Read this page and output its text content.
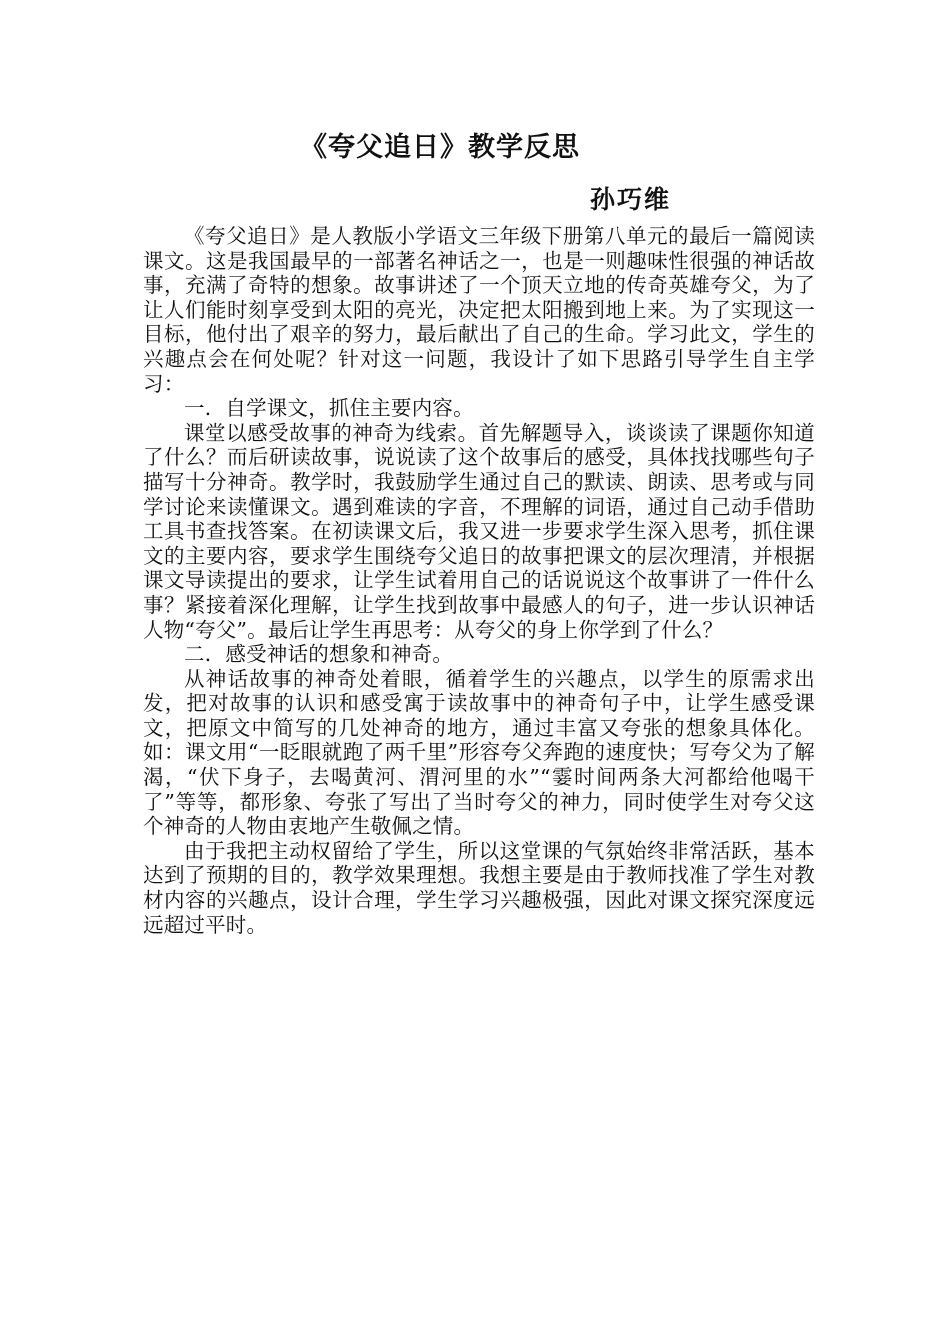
《夸父追日》教学反思
孙巧维

《夸父追日》是人教版小学语文三年级下册第八单元的最后一篇阅读课文。这是我国最早的一部著名神话之一，也是一则趣味性很强的神话故事，充满了奇特的想象。故事讲述了一个顶天立地的传奇英雄夸父，为了让人们能时刻享受到太阳的亮光，决定把太阳搬到地上来。为了实现这一目标，他付出了艰辛的努力，最后献出了自己的生命。学习此文，学生的兴趣点会在何处呢？针对这一问题，我设计了如下思路引导学生自主学习：

一．自学课文，抓住主要内容。

课堂以感受故事的神奇为线索。首先解题导入，谈谈读了课题你知道了什么？而后研读故事，说说读了这个故事后的感受，具体找找哪些句子描写十分神奇。教学时，我鼓励学生通过自己的默读、朗读、思考或与同学讨论来读懂课文。遇到难读的字音，不理解的词语，通过自己动手借助工具书查找答案。在初读课文后，我又进一步要求学生深入思考，抓住课文的主要内容，要求学生围绕夸父追日的故事把课文的层次理清，并根据课文导读提出的要求，让学生试着用自己的话说说这个故事讲了一件什么事？紧接着深化理解，让学生找到故事中最感人的句子，进一步认识神话人物“夸父”。最后让学生再思考：从夸父的身上你学到了什么？

二．感受神话的想象和神奇。

从神话故事的神奇处着眼，循着学生的兴趣点，以学生的原需求出发，把对故事的认识和感受寓于读故事中的神奇句子中，让学生感受课文，把原文中简写的几处神奇的地方，通过丰富又夸张的想象具体化。如：课文用“一眨眼就跑了两千里”形容夸父奔跑的速度快；写夸父为了解渴，“伏下身子，去喝黄河、渭河里的水”“霎时间两条大河都给他喝干了”等等，都形象、夸张了写出了当时夸父的神力，同时使学生对夸父这个神奇的人物由衷地产生敬佩之情。

由于我把主动权留给了学生，所以这堂课的气氛始终非常活跃，基本达到了预期的目的，教学效果理想。我想主要是由于教师找准了学生对教材内容的兴趣点，设计合理，学生学习兴趣极强，因此对课文探究深度远远超过平时。
